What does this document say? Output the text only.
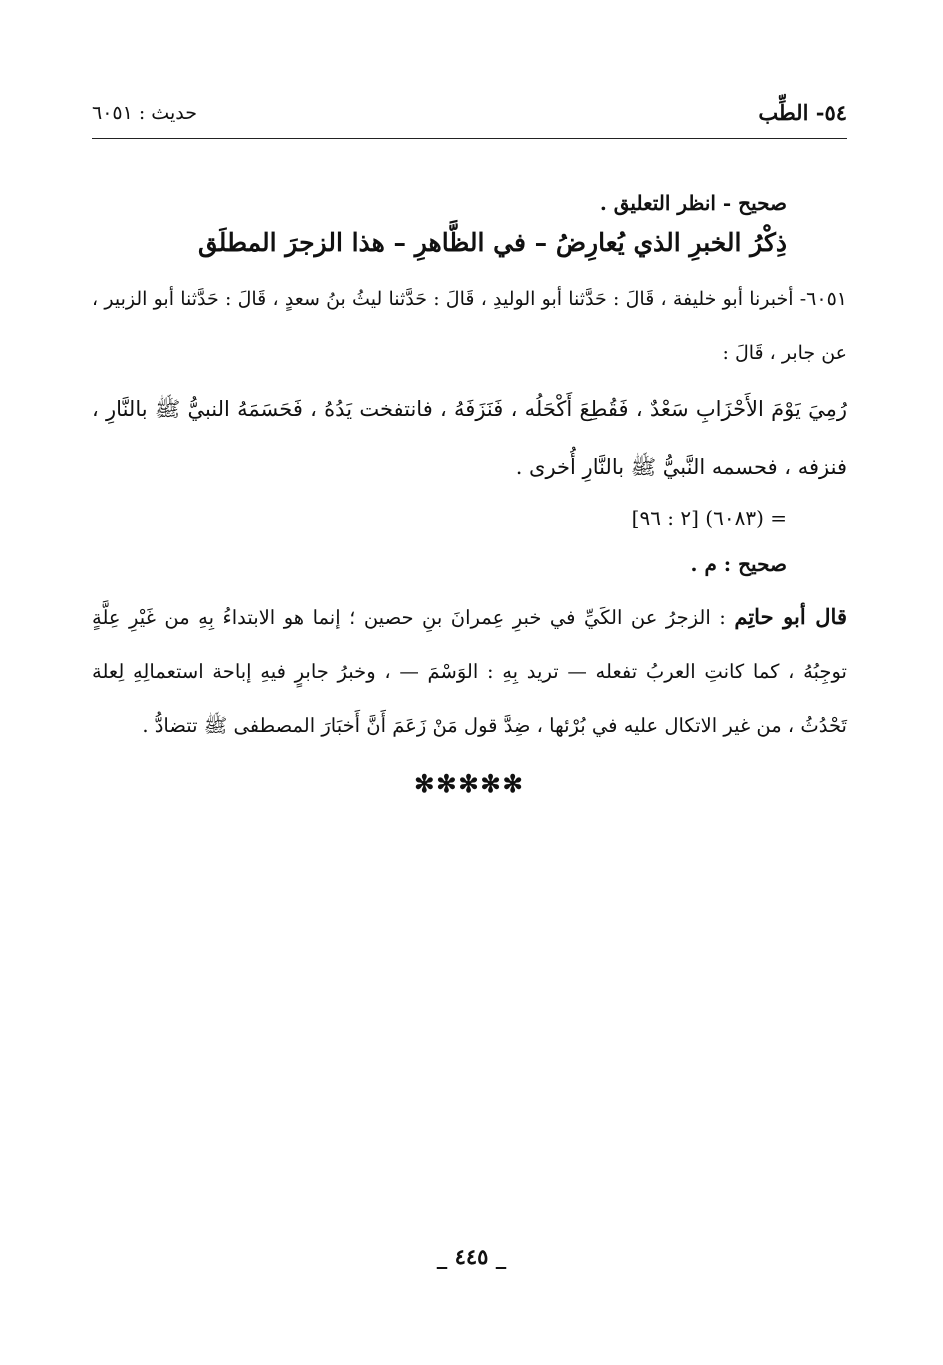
٥٤- الطِّب
حديث : ٦٠٥١
صحيح - انظر التعليق .
ذِكْرُ الخبرِ الذي يُعارِضُ – في الظَّاهرِ – هذا الزجرَ المطلَق
٦٠٥١- أخبرنا أبو خليفة ، قَالَ : حَدَّثنا أبو الوليدِ ، قَالَ : حَدَّثنا ليثُ بنُ سعدٍ ، قَالَ : حَدَّثنا أبو الزبير ، عن جابر ، قَالَ :
رُمِيَ يَوْمَ الأَحْزَابِ سَعْدٌ ، فَقُطِعَ أَكْحَلُه ، فَنَزَفَهُ ، فانتفخت يَدُهُ ، فَحَسَمَهُ النبيُّ ﷺ بالنَّارِ ، فنزفه ، فحسمه النَّبيُّ ﷺ بالنَّارِ أُخرى .
= (٦٠٨٣) [٢ : ٩٦]
صحيح : م .
قال أبو حاتِم : الزجرُ عن الكَيِّ في خبرِ عِمرانَ بنِ حصين ؛ إنما هو الابتداءُ بِهِ من غَيْرِ عِلَّةٍ توجِبُهُ ، كما كانتِ العربُ تفعله — تريد بِهِ : الوَسْمَ — ، وخبرُ جابرٍ فيهِ إباحة استعمالِهِ لِعلة تَحْدُثُ ، من غير الاتكال عليه في بُرْئها ، ضِدَّ قول مَنْ زَعَمَ أَنَّ أَخبَارَ المصطفى ﷺ تتضادُّ .
✻✻✻✻✻
_ ٤٤٥ _
